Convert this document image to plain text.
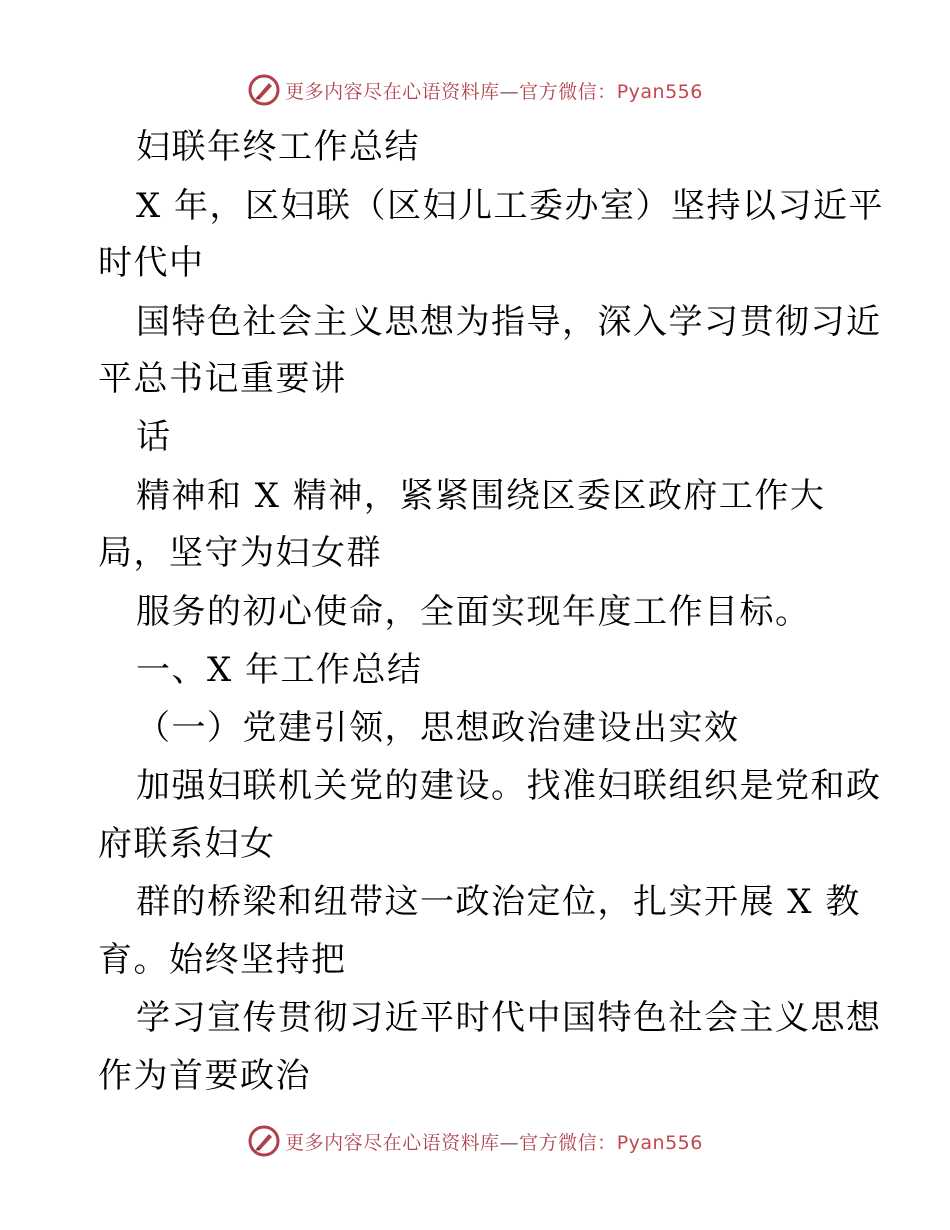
更多内容尽在心语资料库—官方微信：Pyan556
妇联年终工作总结
X 年，区妇联（区妇儿工委办室）坚持以习近平
时代中
国特色社会主义思想为指导，深入学习贯彻习近
平总书记重要讲
话
精神和 X 精神，紧紧围绕区委区政府工作大
局，坚守为妇女群
服务的初心使命，全面实现年度工作目标。
一、X 年工作总结
（一）党建引领，思想政治建设出实效
加强妇联机关党的建设。找准妇联组织是党和政
府联系妇女
群的桥梁和纽带这一政治定位，扎实开展 X 教
育。始终坚持把
学习宣传贯彻习近平时代中国特色社会主义思想
作为首要政治
更多内容尽在心语资料库—官方微信：Pyan556
